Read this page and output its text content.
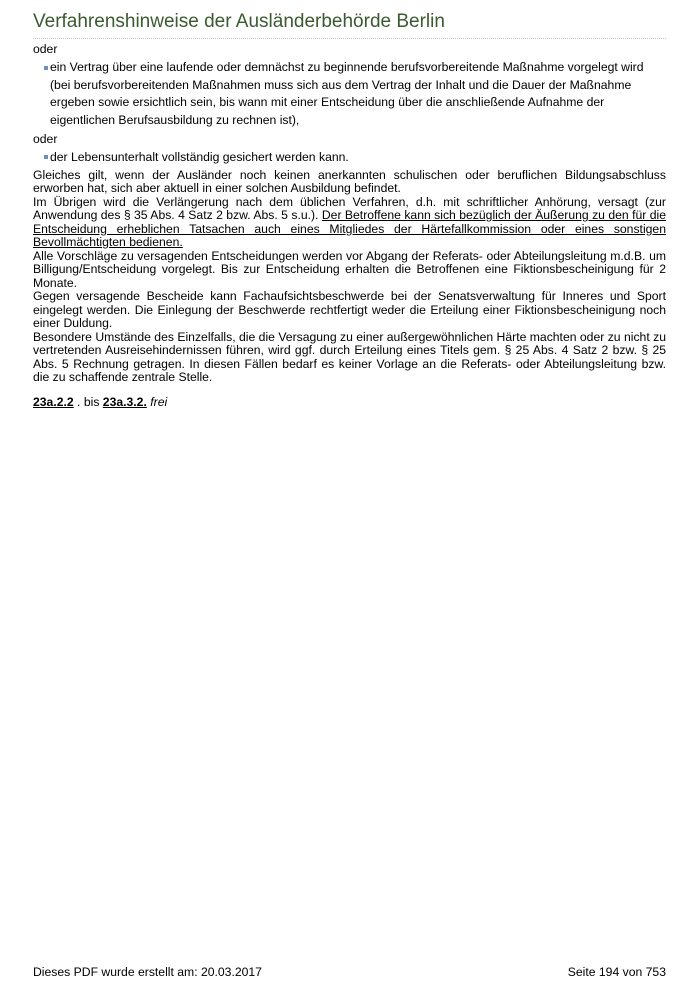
Verfahrenshinweise der Ausländerbehörde Berlin

oder

ein Vertrag über eine laufende oder demnächst zu beginnende berufsvorbereitende Maßnahme vorgelegt wird (bei berufsvorbereitenden Maßnahmen muss sich aus dem Vertrag der Inhalt und die Dauer der Maßnahme ergeben sowie ersichtlich sein, bis wann mit einer Entscheidung über die anschließende Aufnahme der eigentlichen Berufsausbildung zu rechnen ist),

oder

der Lebensunterhalt vollständig gesichert werden kann.

Gleiches gilt, wenn der Ausländer noch keinen anerkannten schulischen oder beruflichen Bildungsabschluss erworben hat, sich aber aktuell in einer solchen Ausbildung befindet.

Im Übrigen wird die Verlängerung nach dem üblichen Verfahren, d.h. mit schriftlicher Anhörung, versagt (zur Anwendung des § 35 Abs. 4 Satz 2 bzw. Abs. 5 s.u.). Der Betroffene kann sich bezüglich der Äußerung zu den für die Entscheidung erheblichen Tatsachen auch eines Mitgliedes der Härtefallkommission oder eines sonstigen Bevollmächtigten bedienen.

Alle Vorschläge zu versagenden Entscheidungen werden vor Abgang der Referats- oder Abteilungsleitung m.d.B. um Billigung/Entscheidung vorgelegt. Bis zur Entscheidung erhalten die Betroffenen eine Fiktionsbescheinigung für 2 Monate.

Gegen versagende Bescheide kann Fachaufsichtsbeschwerde bei der Senatsverwaltung für Inneres und Sport eingelegt werden. Die Einlegung der Beschwerde rechtfertigt weder die Erteilung einer Fiktionsbescheinigung noch einer Duldung.

Besondere Umstände des Einzelfalls, die die Versagung zu einer außergewöhnlichen Härte machten oder zu nicht zu vertretenden Ausreisehindernissen führen, wird ggf. durch Erteilung eines Titels gem. § 25 Abs. 4 Satz 2 bzw. § 25 Abs. 5 Rechnung getragen. In diesen Fällen bedarf es keiner Vorlage an die Referats- oder Abteilungsleitung bzw. die zu schaffende zentrale Stelle.

23a.2.2 . bis 23a.3.2. frei
Dieses PDF wurde erstellt am: 20.03.2017	Seite 194 von 753
